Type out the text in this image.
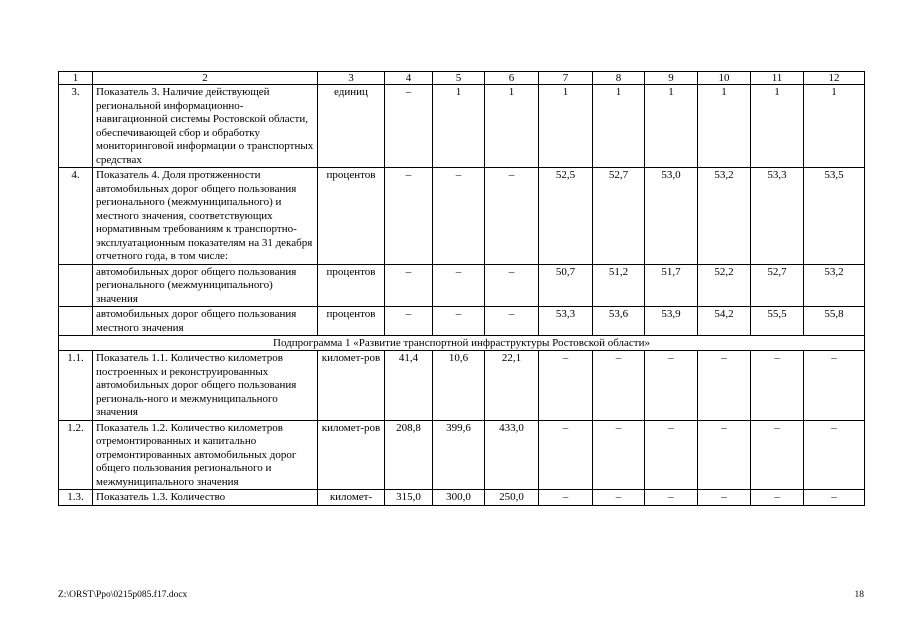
1	2	3	4	5	6	7	8	9	10	11	12
3.	Показатель 3. Наличие действующей региональной информационно-навигационной системы Ростовской области, обеспечивающей сбор и обработку мониторинговой информации о транспортных средствах	единиц	–	1	1	1	1	1	1	1	1
4.	Показатель 4. Доля протяженности автомобильных дорог общего пользования регионального (межмуниципального) и местного значения, соответствующих нормативным требованиям к транспортно-эксплуатационным показателям на 31 декабря отчетного года, в том числе:	процентов	–	–	–	52,5	52,7	53,0	53,2	53,3	53,5
	автомобильных дорог общего пользования регионального (межмуниципального) значения	процентов	–	–	–	50,7	51,2	51,7	52,2	52,7	53,2
	автомобильных дорог общего пользования местного значения	процентов	–	–	–	53,3	53,6	53,9	54,2	55,5	55,8
Подпрограмма 1 «Развитие транспортной инфраструктуры Ростовской области»											
1.1.	Показатель 1.1. Количество километров построенных и реконструированных автомобильных дорог общего пользования региональ-ного и межмуниципального значения	километ-ров	41,4	10,6	22,1	–	–	–	–	–	–
1.2.	Показатель 1.2. Количество километров отремонтированных и капитально отремонтированных автомобильных дорог общего пользования регионального и межмуниципального значения	километ-ров	208,8	399,6	433,0	–	–	–	–	–	–
1.3.	Показатель 1.3. Количество	километ-	315,0	300,0	250,0	–	–	–	–	–	–
Z:\ORST\Ppo\0215p085.f17.docx	18
